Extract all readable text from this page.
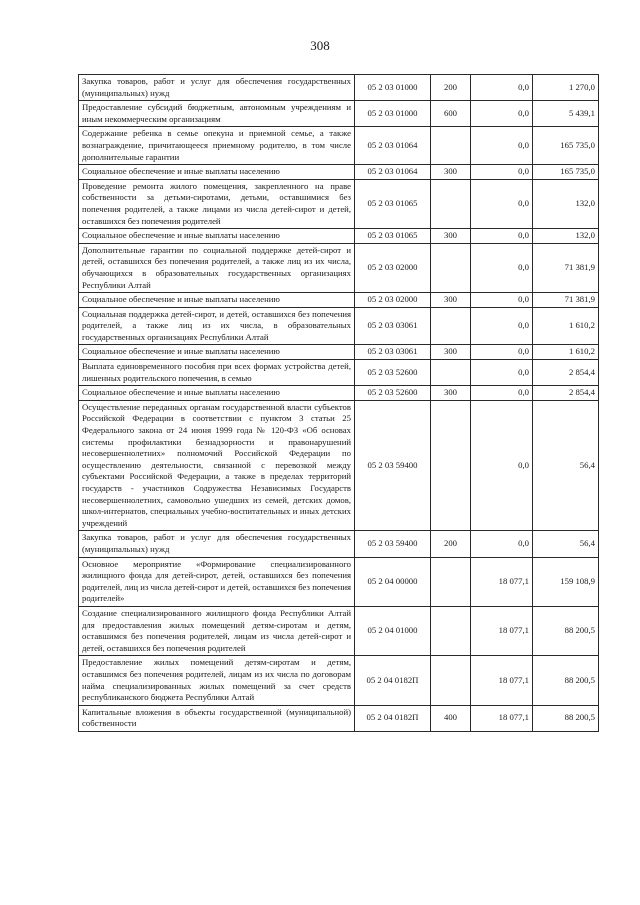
308
Закупка товаров, работ и услуг для обеспечения государственных (муниципальных) нужд	05 2 03 01000	200	0,0	1 270,0
Предоставление субсидий бюджетным, автономным учреждениям и иным некоммерческим организациям	05 2 03 01000	600	0,0	5 439,1
Содержание ребенка в семье опекуна и приемной семье, а также вознаграждение, причитающееся приемному родителю, в том числе дополнительные гарантии	05 2 03 01064		0,0	165 735,0
Социальное обеспечение и иные выплаты населению	05 2 03 01064	300	0,0	165 735,0
Проведение ремонта жилого помещения, закрепленного на праве собственности за детьми-сиротами, детьми, оставшимися без попечения родителей, а также лицами из числа детей-сирот и детей, оставшихся без попечения родителей	05 2 03 01065		0,0	132,0
Социальное обеспечение и иные выплаты населению	05 2 03 01065	300	0,0	132,0
Дополнительные гарантии по социальной поддержке детей-сирот и детей, оставшихся без попечения родителей, а также лиц из их числа, обучающихся в образовательных государственных организациях Республики Алтай	05 2 03 02000		0,0	71 381,9
Социальное обеспечение и иные выплаты населению	05 2 03 02000	300	0,0	71 381,9
Социальная поддержка детей-сирот, и детей, оставшихся без попечения родителей, а также лиц из их числа, в образовательных государственных организациях Республики Алтай	05 2 03 03061		0,0	1 610,2
Социальное обеспечение и иные выплаты населению	05 2 03 03061	300	0,0	1 610,2
Выплата единовременного пособия при всех формах устройства детей, лишенных родительского попечения, в семью	05 2 03 52600		0,0	2 854,4
Социальное обеспечение и иные выплаты населению	05 2 03 52600	300	0,0	2 854,4
Осуществление переданных органам государственной власти субъектов Российской Федерации в соответствии с пунктом 3 статьи 25 Федерального закона от 24 июня 1999 года № 120-ФЗ «Об основах системы профилактики безнадзорности и правонарушений несовершеннолетних» полномочий Российской Федерации по осуществлению деятельности, связанной с перевозкой между субъектами Российской Федерации, а также в пределах территорий государств - участников Содружества Независимых Государств несовершеннолетних, самовольно ушедших из семей, детских домов, школ-интернатов, специальных учебно-воспитательных и иных детских учреждений	05 2 03 59400		0,0	56,4
Закупка товаров, работ и услуг для обеспечения государственных (муниципальных) нужд	05 2 03 59400	200	0,0	56,4
Основное мероприятие «Формирование специализированного жилищного фонда для детей-сирот, детей, оставшихся без попечения родителей, лиц из числа детей-сирот и детей, оставшихся без попечения родителей»	05 2 04 00000		18 077,1	159 108,9
Создание специализированного жилищного фонда Республики Алтай для предоставления жилых помещений детям-сиротам и детям, оставшимся без попечения родителей, лицам из числа детей-сирот и детей, оставшихся без попечения родителей	05 2 04 01000		18 077,1	88 200,5
Предоставление жилых помещений детям-сиротам и детям, оставшимся без попечения родителей, лицам из их числа по договорам найма специализированных жилых помещений за счет средств республиканского бюджета Республики Алтай	05 2 04 0182П		18 077,1	88 200,5
Капитальные вложения в объекты государственной (муниципальной) собственности	05 2 04 0182П	400	18 077,1	88 200,5
